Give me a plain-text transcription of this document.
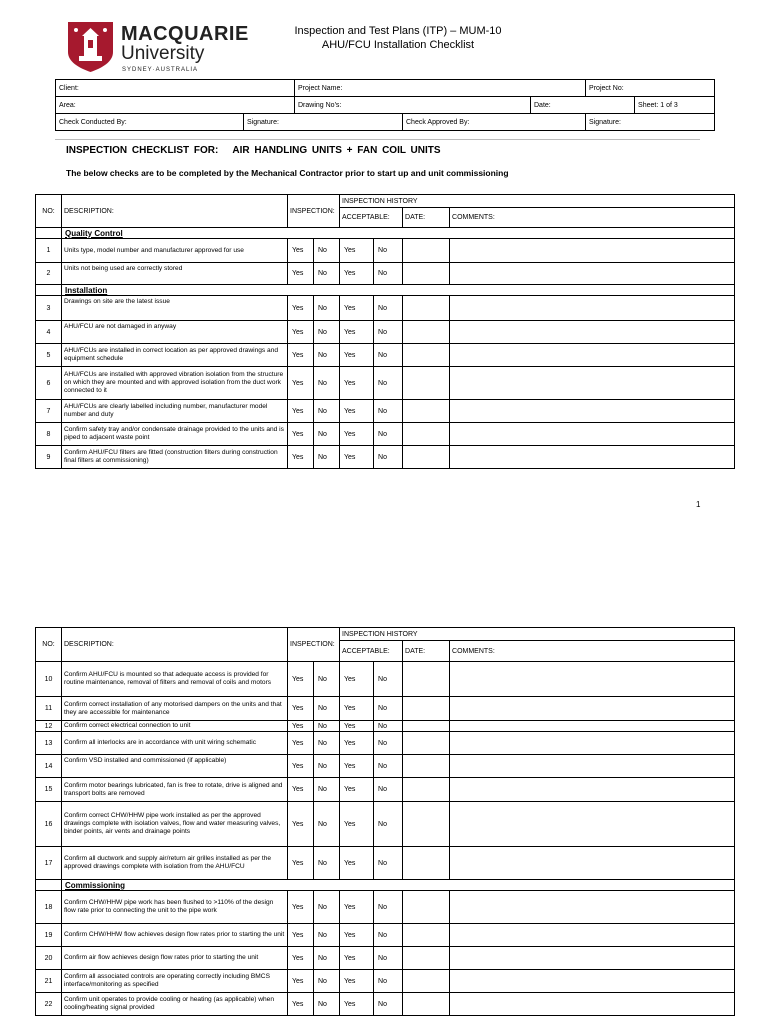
MACQUARIE
University
SYDNEY·AUSTRALIA
Inspection and Test Plans (ITP) – MUM-10
AHU/FCU Installation Checklist
Client:		Project Name:			Project No:	
Area:		Drawing No's:		Date:		Sheet: 1 of 3
Check Conducted By:	Signature:		Check Approved By:		Signature:	
INSPECTION CHECKLIST FOR: AIR HANDLING UNITS + FAN COIL UNITS
The below checks are to be completed by the Mechanical Contractor prior to start up and unit commissioning
NO:	DESCRIPTION:	INSPECTION:		INSPECTION HISTORY			
				ACCEPTABLE:		DATE:	COMMENTS:
	Quality Control						
1	Units type, model number and manufacturer approved for use	Yes	No	Yes	No		
2	Units not being used are correctly stored	Yes	No	Yes	No		
	Installation						
3	Drawings on site are the latest issue	Yes	No	Yes	No		
4	AHU/FCU are not damaged in anyway	Yes	No	Yes	No		
5	AHU/FCUs are installed in correct location as per approved drawings and equipment schedule	Yes	No	Yes	No		
6	AHU/FCUs are installed with approved vibration isolation from the structure on which they are mounted and with approved isolation from the duct work connected to it	Yes	No	Yes	No		
7	AHU/FCUs are clearly labelled including number, manufacturer model number and duty	Yes	No	Yes	No		
8	Confirm safety tray and/or condensate drainage provided to the units and is piped to adjacent waste point	Yes	No	Yes	No		
9	Confirm AHU/FCU filters are fitted (construction filters during construction final filters at commissioning)	Yes	No	Yes	No		
1
NO:	DESCRIPTION:	INSPECTION:		INSPECTION HISTORY			
				ACCEPTABLE:		DATE:	COMMENTS:
10	Confirm AHU/FCU is mounted so that adequate access is provided for routine maintenance, removal of filters and removal of coils and motors	Yes	No	Yes	No		
11	Confirm correct installation of any motorised dampers on the units and that they are accessible for maintenance	Yes	No	Yes	No		
12	Confirm correct electrical connection to unit	Yes	No	Yes	No		
13	Confirm all interlocks are in accordance with unit wiring schematic	Yes	No	Yes	No		
14	Confirm VSD installed and commissioned (if applicable)	Yes	No	Yes	No		
15	Confirm motor bearings lubricated, fan is free to rotate, drive is aligned and transport bolts are removed	Yes	No	Yes	No		
16	Confirm correct CHW/HHW pipe work installed as per the approved drawings complete with isolation valves, flow and water measuring valves, binder points, air vents and drainage points	Yes	No	Yes	No		
17	Confirm all ductwork and supply air/return air grilles installed as per the approved drawings complete with isolation from the AHU/FCU	Yes	No	Yes	No		
	Commissioning						
18	Confirm CHW/HHW pipe work has been flushed to >110% of the design flow rate prior to connecting the unit to the pipe work	Yes	No	Yes	No		
19	Confirm CHW/HHW flow achieves design flow rates prior to starting the unit	Yes	No	Yes	No		
20	Confirm air flow achieves design flow rates prior to starting the unit	Yes	No	Yes	No		
21	Confirm all associated controls are operating correctly including BMCS interface/monitoring as specified	Yes	No	Yes	No		
22	Confirm unit operates to provide cooling or heating (as applicable) when cooling/heating signal provided	Yes	No	Yes	No		
